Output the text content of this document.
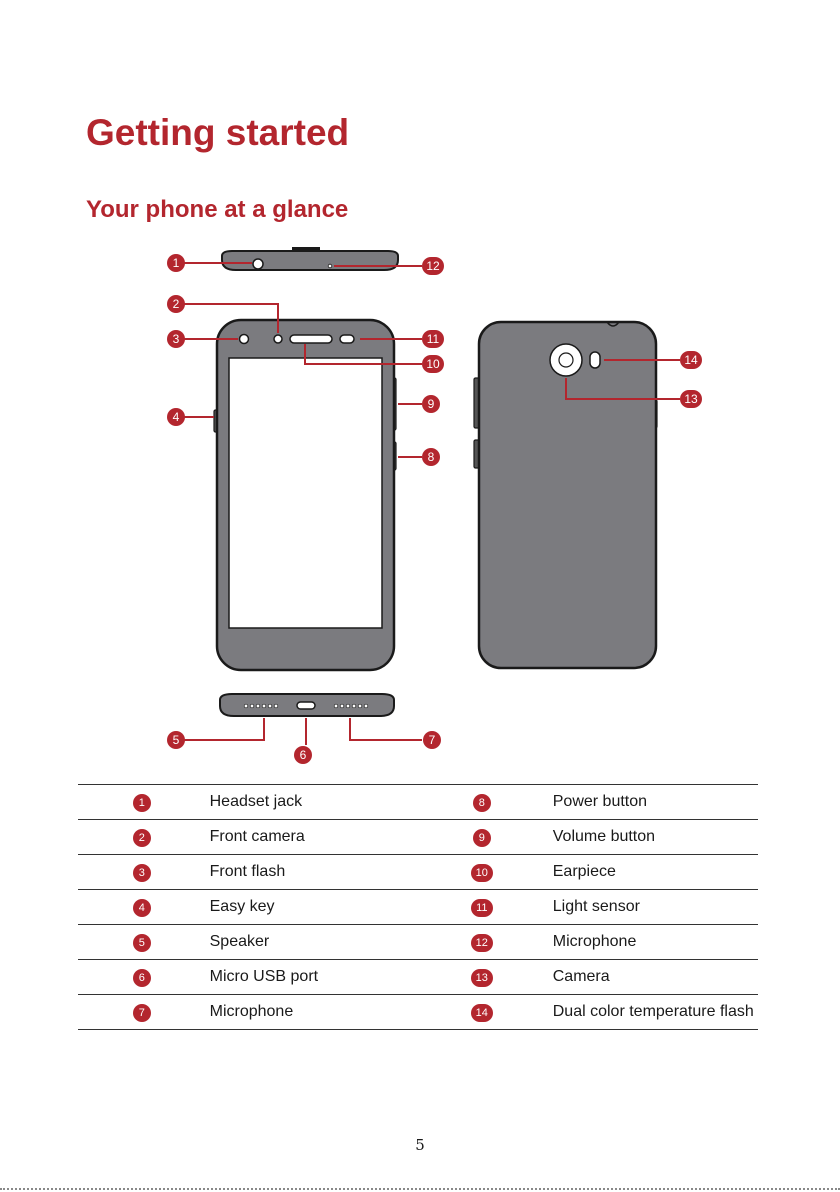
Getting started
Your phone at a glance
1	12
2
3	11
10
4
9
8
5
6
7
14
13
1	Headset jack	8	Power button
2	Front camera	9	Volume button
3	Front flash	10	Earpiece
4	Easy key	11	Light sensor
5	Speaker	12	Microphone
6	Micro USB port	13	Camera
7	Microphone	14	Dual color temperature flash
5
